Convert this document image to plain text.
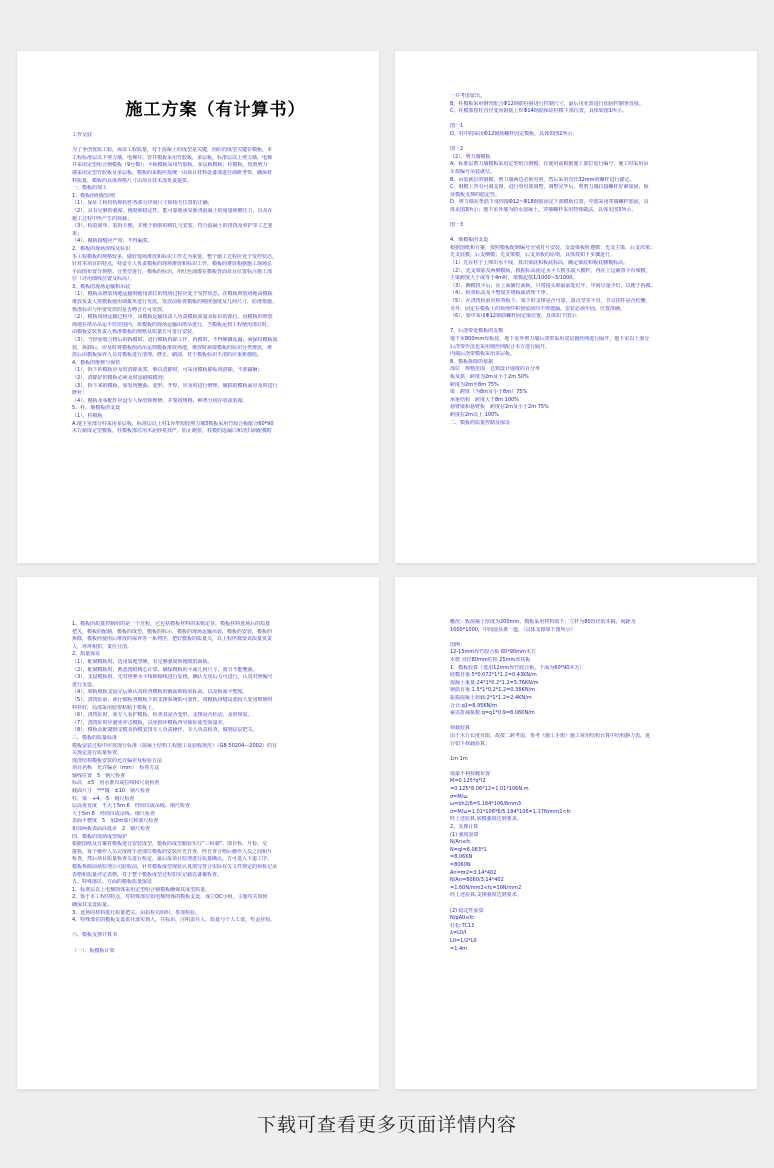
施工方案（有计算书）
工作交底
为了争创优质工程，保证工程质量，对于混凝土的成型是关键，而砼的成型关键在模板。本
工程标准层以下剪力墙、电梯井、管井模板采用竹胶板，多层板，标准层以上剪力墙、电梯
井采用定型组合钢模板（9号模）；平板模板采用竹胶板、多层板模板；柱模板，短肢剪力
墙采用定型竹胶板及多层板。模板的采购应按统一由项目材料设备部进行调研考察，确保材
料质量，模板的具体规格尺寸由项目技术部负责提供。
一、模板的加工
1、模板的组配原则
（1）、保证工程结构和构件各部分序间尺寸和相互位置的正确；
（2）、具有足够的强度、刚度和稳定性，能可靠地承受新浇混凝土的重量和侧压力，以及在
施工过程中所产生的荷载；
（3）、构造简单，装拆方便，并便于钢筋的绑扎与安装，符合混凝土的浇筑及养护等工艺要
求；
（4）、模板接缝应严密，不得漏浆。
2、模板的现场放线及标识
本工程模板的规格较多，做好现场堆放和标识工作尤为重要，整个施工过程应处于受控状态，
针对本项目的特点，特设专人负责模板的现场堆放和标识工作，模板的堆放根据施工现场总
平面图布置分规格、分类型进行，模板的标识，用红色油漆在模板背面显目位置标注施工部
位（详用细线位置及标高）。
3、模板的现场运输和吊装
（1）、模板从堆放场地运输到使用部位的现场过程应处于受控状态，在模板堆放场地由模板
堆放负责人按模板使用调拨单进行发放，发放前检查模板的刚度强度及几何尺寸，防滑措施、
核准标识与所要发放的是否吻合方可发放。
（2）、模板现场运输过程中，由模板运输负责人负责模板质量及标识的部位，因模板的堆放
场地在塔吊吊运半径范围内，故模板的现场运输由塔吊进行，当模板运到工程使用部位时，
由模板安装负责人核准模板的规格及质量方可进行安装。
（3）、当经验收合格后的拆模时，进行模板拆除工作。拆模时，不得硬撬乱敲，须保持模板质
状，拆卸后，应及时将模板组而吊运到模板堆放场地，堆放时须按模板的标识分类堆放，堆
放后由模板保养人员对模板进行清理、修正、刷油，对于模板标识不清的应重新描绘。
4、模板的维修与保管
（1）、拆下的模板应及时清除灰浆，难以清除时，可采用模板除垢剂清除，不准敲砸；
（2）、清除好的模板必须及时涂刷脱模剂；
（3）、拆下来的模板，如发现翘曲、变形、开焊，应及时进行修理，破损的模板面应及时进行
修补；
（4）、模板及零配件应设专人保管和维修，并要按规格、种类分别存放或装箱。
5、柱、墙模板的支设
（1）、柱模板
A.地下室部分柱采用多层板，标准层以上柱1异形短肢剪力墙3模板采用竹胶合板配合60*90
木方制成定型模板，柱模板部位用木泥砂浆找严，防止跑浆，柱模的选漏口和清扫洞配模时
一并考虑留出。
B、柱模板采用钢管配合Φ12钢筋柱箍进行控制尺寸，最后用花篮进行加固控制垂直度。
C、柱模部按柱直径变向钢筋上焊Φ14钢筋保证柱模下部位置，具体如图1所示。
图一1
D、柱中间采用Φ12钢筋螺杆固定模板，具体如图2所示。
图一2
（2）、剪力墙模板
A、标准层剪力墙模板采用定型组合钢模，在使用前根据施工部位进行编号，施工时采用吊
车按编号吊装就位。
B、吊装就位的钢模，剪力墙两边必须对照，然后采用直径32mm的螺杆进行锚定。
C、钢模上背有可调支撑，进行垂直度调整，调整完毕后，剪剪力墙拉接螺杆好紧加固，保
证模板支撑的稳定性。
D、剪力墙在垫筋下部焊接Φ12~Φ18钢筋固定下部模板位置，中部采用穿墙螺杆加固，具
体见图3所示；地下室外墙为防水混凝土，穿墙螺杆采用特殊做法，具体见图3所示。
图一3
4、梁模板的支设
根据图纸和方案，按照模板配制编号分别对号安装，支设梁板时遵循：先支主梁，后支次梁；
先支底模，后支侧模；先支梁模，后支顶板的原则，具体按如下步骤进行。
（1）先在柱子上弹出水平线，算出梁底和板底标高，确定梁底和板底侧模标高。
（2）、先支梁底及两侧模板，根据标高固定水平大楞木或大横杆，再在上边铺置平台梁模，
主梁跨度大于或等于4m时，梁模起拱1/1000~3/1000。
（3）、侧模找平后，在上面铺钉面板，只将接头和最前处钉牢，中间尽量少钉，以便于拆模。
（4）、检查标高及平整度并将板面清理干净。
（5）、在浇筑检前应检查板下、梁下的支撑是否可靠，落点坚实平直，节点扣件是否松懈，
另外，固定在模板上的预埋件和预留洞均不得遗漏，安装必须牢固，位置准确。
（6）、梁中采用Φ12钢筋螺杆固定梁位置，具体如下图示：
7、后浇带处模板的支模
地下室800mm厚板底，地下室外剪力墙后浇带采用双层钢丝网进行隔开，地下室以上部分
后浇带作法也采用钢丝网配合木方进行隔开。
内墙后浇带模板采用多层板。
8、模板拆除的依据
部位　规格范围　达到设计强度的百分率
板及拱　跨度为2m及小于2m 50%
跨度为2m至8m 75%
梁　跨度（为8m及小于8m）75%
承重结构　跨度大于8m 100%
悬臂梁和悬臂板　跨度在2m及小于2m 75%
跨度在2m以上 100%
二、模板的质量控制及保证
1、模板的质量控制组的是一个过程，它包括模板材料的采购定货，模板材料进场后的质量
把关，模板的配制，模板的成型，模板的标示，模板的现场运输吊装，模板的安装，模板的
拆除，模板经使用后堆放的保养等一系列序，把好模板的质量关，以上程序都要该质量负责
人，环环相扣，责任分清。
2、质量保证
（1）、配制模板时，选用质地坚硬，有足够强度和刚度的面板。
（2）、配制模板时，熟悉图纸精心计算，确保模板的平面几何尺寸，而且不能翘曲。
（3）、支设模板时，先对照弹水平线和轴线进行复核，确认无误后方可进行，认真对照编号
进行支设。
（4）、梁板模板支设完后须认真检查模板的截面和板底标高，以及板面平整度。
（5）、浇筑砼前，须仔细检查模板下的支撑系统的可靠性，将模板拼缝局部较大处用玻璃材
料补好，局部采用胶带粘贴于模板上。
（6）、浇筑砼时，须专人看护模板，检查其是否变形，支撑是否松动，及时恢复。
（7）、浇筑砼时应避免冲击模板，以免损坏模板再导致砼成型质量差。
（8）、模板从配制到支模及拆模安排专人负责操作，专人负责检查，做到层层把关。
三、模板的质量标准
模板安装过程中应按现行标准《混凝土结构工程施工及验收规范》（GB 50204—2002）的有
关规定进行质量检查。
现浇结构模板安装的允许偏差及检验方法
项目名称　允许偏差（mm）　检查方法
轴线位置　5　钢尺检查
标高　±5　用水准仪或拉线和尺量检查
截面尺寸　***墙　±10　钢尺检查
柱、梁　+4，-5　钢尺检查
层高垂直度　不大于5m 6　经纬仪或吊线、钢尺检查
大于5m 8　经纬仪或吊线、钢尺检查
表面平整度　5　用2m靠尺和塞尺检查
相邻两板表面高低差　2　钢尺检查
四、模板的现场成型保护
根据图纸及方案对模板进行安装成型，模板的成型跟验实行“三检制”，即自检、互检、交
接检，每个操作人员完成班手还部位模板的安装应先自查，经自查合格后操作人员之间相互
检查，然后项目质量检查员进行检定，最后报项目监理进行质量确认，方可进入下道工序。
模板拆除前须监理公司验收前，针对模板成型现状认真填写符合实际有关文件规定的预检记录
表格和质量评定表格，对于整个模板成型过程如实记载以备案检查。
五、特殊部位、方面的模板质量保证
1、标准层以上电梯筒体采用定型组合钢模板确保其成型质量。
2、鉴于本工程的特点，对特殊部位如电梯筒体的模板支设，成立QC小组，主题攻关如何
确保其支设质量。
3、选场的材料进行质量把关，由质检员组织，参加检验。
4、特殊部位的模板支设责任落实到人，并标识，注明责任人，质量与个人工资，奖金挂钩。
六、模板支撑计算书
（一）、板模板计算
概况：板混凝土厚度为200mm，模板采用材料如下：立杆为80直径的木棍，间距为
1000*1000，中间设扶条一道，（具体支撑如下图所示）
图例：
12-15mm厚竹胶合板 60*90mm木方
木楞 直径80mm杠检 25mm厚扶板
1、模板验算（选用12mm厚竹胶合板，下面为60*90木方）
底模自重:5*0.072*1*1.2=0.43KN/m
混凝土重量:24*1*0.2*1.2=5.76KN/m
钢筋自重:1.5*1*0.2*1.2=0.36KN/m
振捣混凝土荷载:2*1*1.2=2.4KN/m
合计:q1=8.95KN/m
乘以折减系数:q=q1*0.9=8.06KN/m
荷载验算
由于木方长度有限，故按二跨考虑，参考《施工手册》施工常用结构计算中结构静力表，进
行如下荷载验算：
1m 1m
按最不利荷载布置
M=0.125*q*l2
=0.125*8.06*12=1.01*106N.m
σ=M/ω
ω=bh2/6=5.184*106/6mm3
σ=M/ω=1.01*106*6/5.184*106=1.17N/mm2<fc
经上述验算,底模强度达到要求。
2、支撑计算
(1) 强度验算
N/An≤fc
N=ql=8.063*1
=8.06KN
=8060N
An=πr2=3.14*402
N/An=8060/3.14*402
=1.60N/mm2<fc=10N/mm2
经上述验算,支撑强度达到要求。
(2) 稳定性验算
N/φA0≤fc
杠松:TC13
λ=L0/I
L0=1/2*L0
=1.4m
下载可查看更多页面详情内容
